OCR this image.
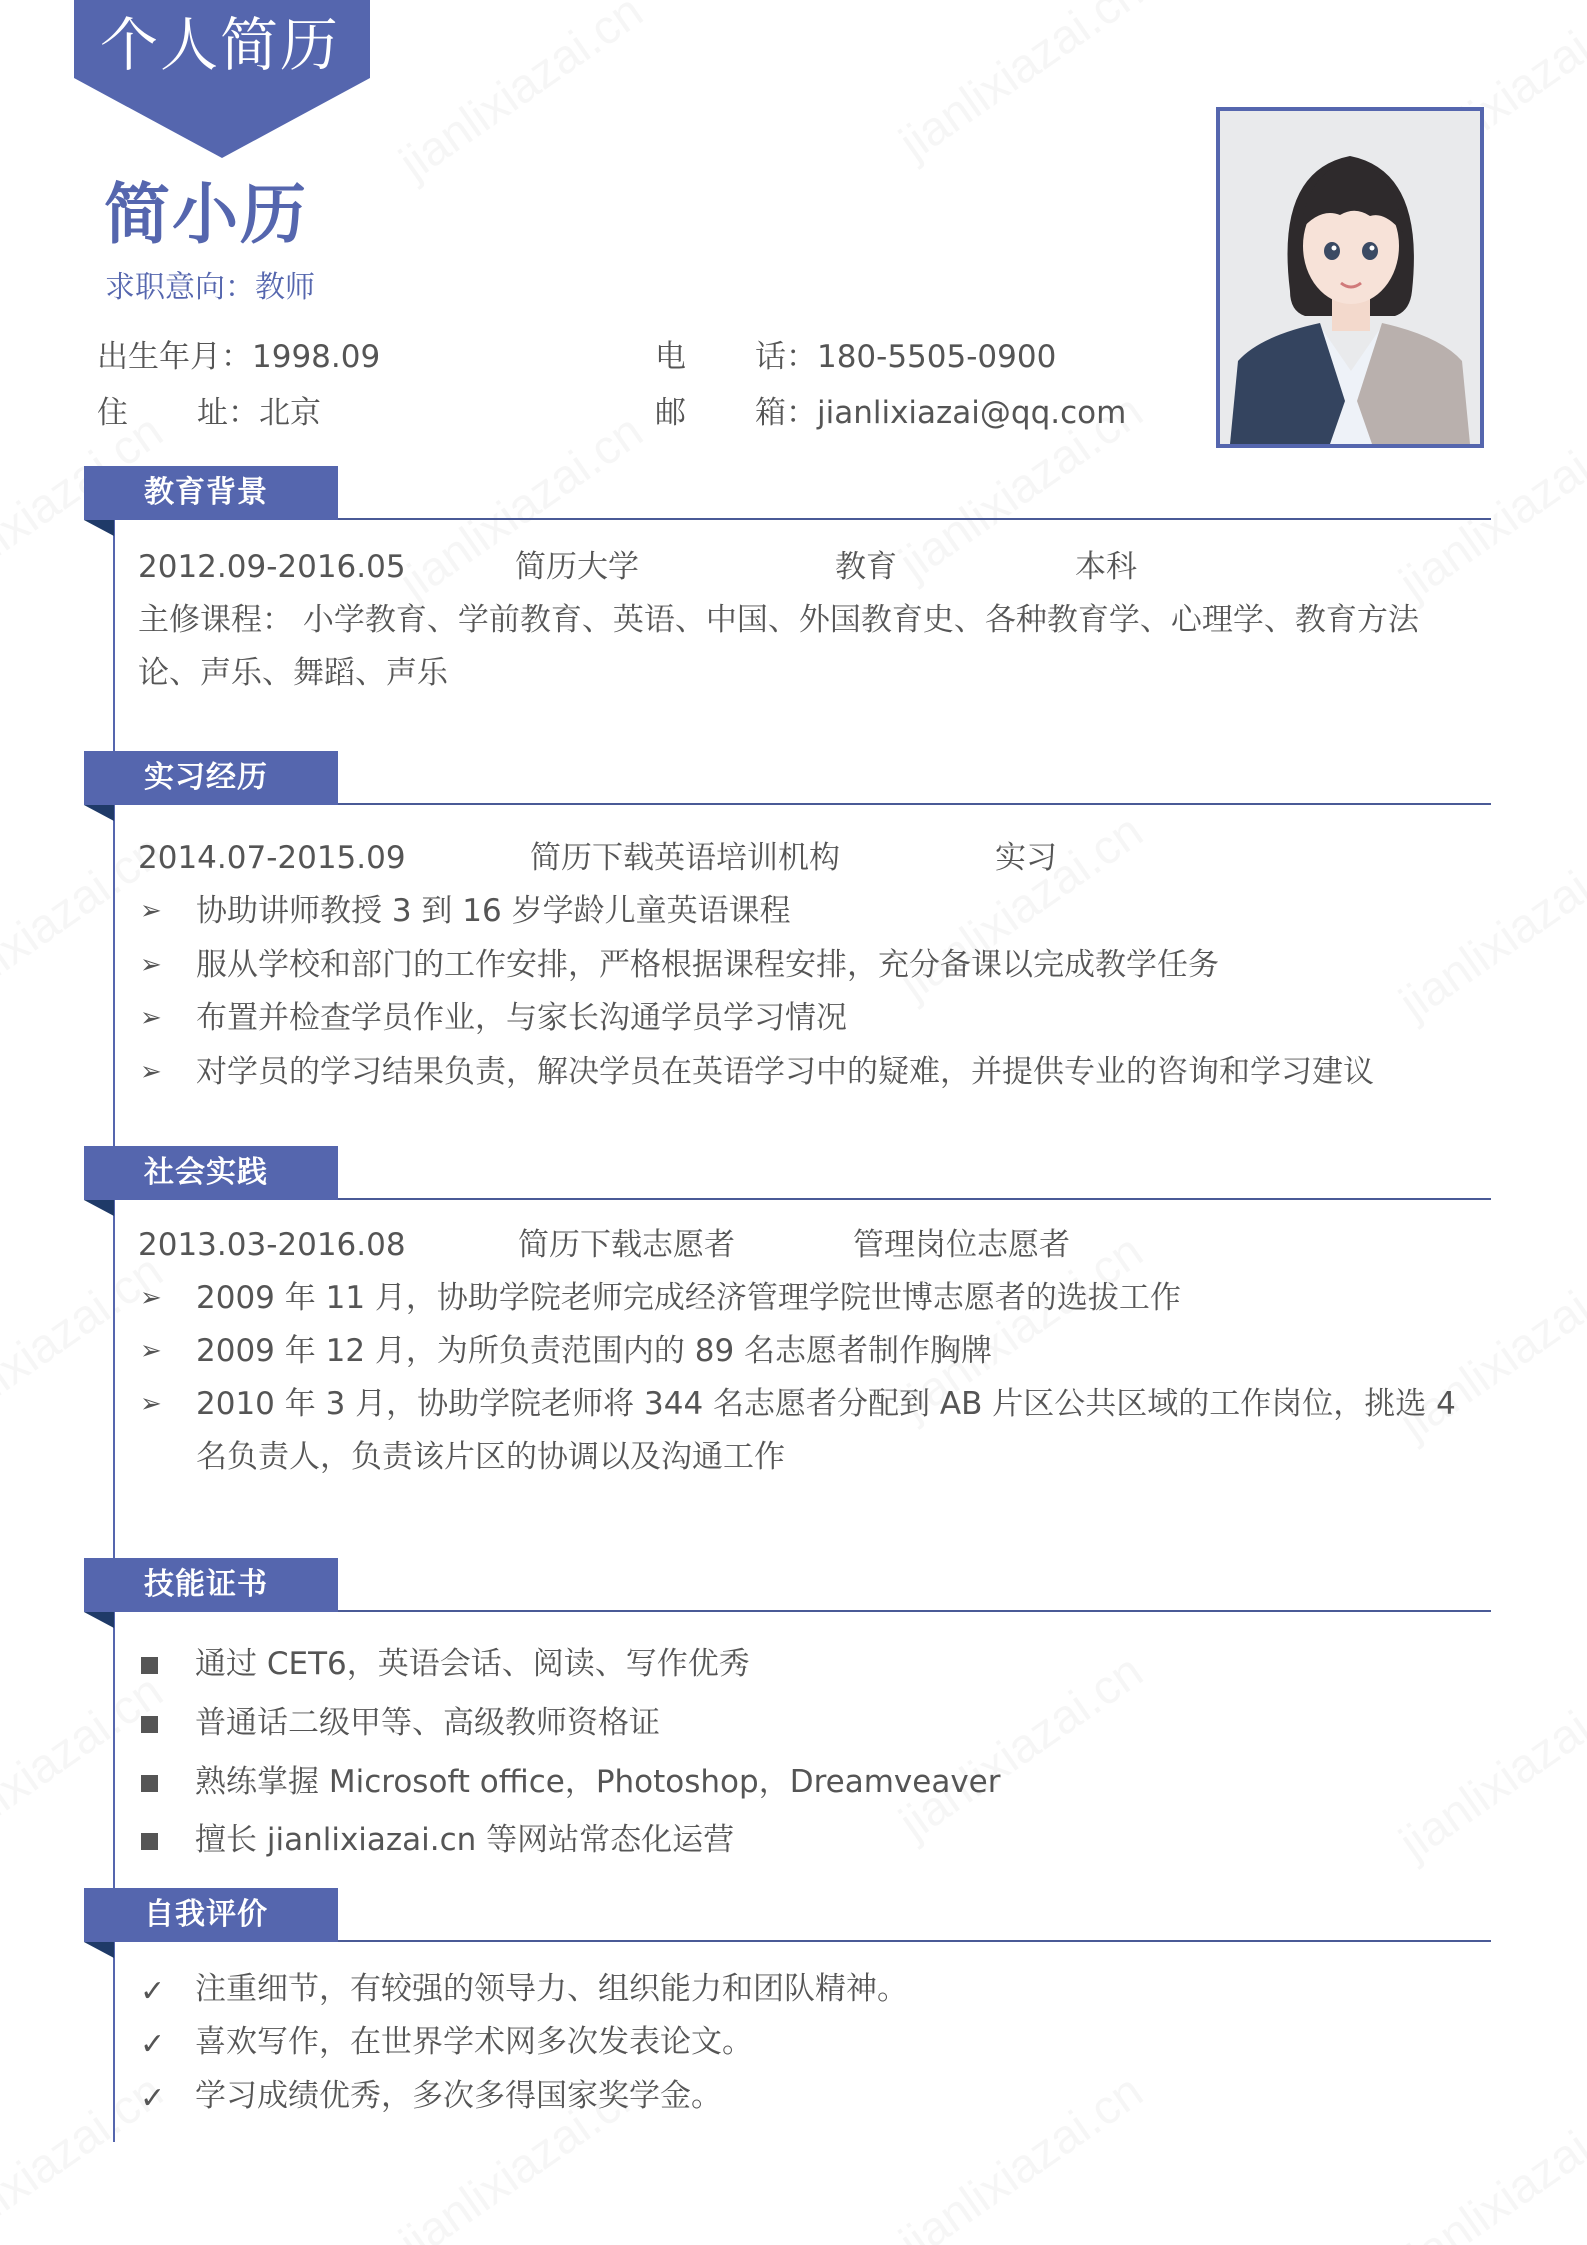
个人简历
简小历
求职意向：教师
出生年月：1998.09
住       址：北京
电       话：180-5505-0900
邮       箱：jianlixiazai@qq.com
教育背景
2012.09-2016.05	简历大学	教育	本科
主修课程： 小学教育、学前教育、英语、中国、外国教育史、各种教育学、心理学、教育方法
论、声乐、舞蹈、声乐
实习经历
2014.07-2015.09	简历下载英语培训机构	实习
➢ 协助讲师教授 3 到 16 岁学龄儿童英语课程
➢ 服从学校和部门的工作安排，严格根据课程安排，充分备课以完成教学任务
➢ 布置并检查学员作业，与家长沟通学员学习情况
➢ 对学员的学习结果负责，解决学员在英语学习中的疑难，并提供专业的咨询和学习建议
社会实践
2013.03-2016.08	简历下载志愿者	管理岗位志愿者
➢ 2009 年 11 月，协助学院老师完成经济管理学院世博志愿者的选拔工作
➢ 2009 年 12 月，为所负责范围内的 89 名志愿者制作胸牌
➢ 2010 年 3 月，协助学院老师将 344 名志愿者分配到 AB 片区公共区域的工作岗位，挑选 4
名负责人，负责该片区的协调以及沟通工作
技能证书
通过 CET6，英语会话、阅读、写作优秀
普通话二级甲等、高级教师资格证
熟练掌握 Microsoft office，Photoshop，Dreamveaver
擅长 jianlixiazai.cn 等网站常态化运营
自我评价
✓ 注重细节，有较强的领导力、组织能力和团队精神。
✓ 喜欢写作，在世界学术网多次发表论文。
✓ 学习成绩优秀，多次多得国家奖学金。
